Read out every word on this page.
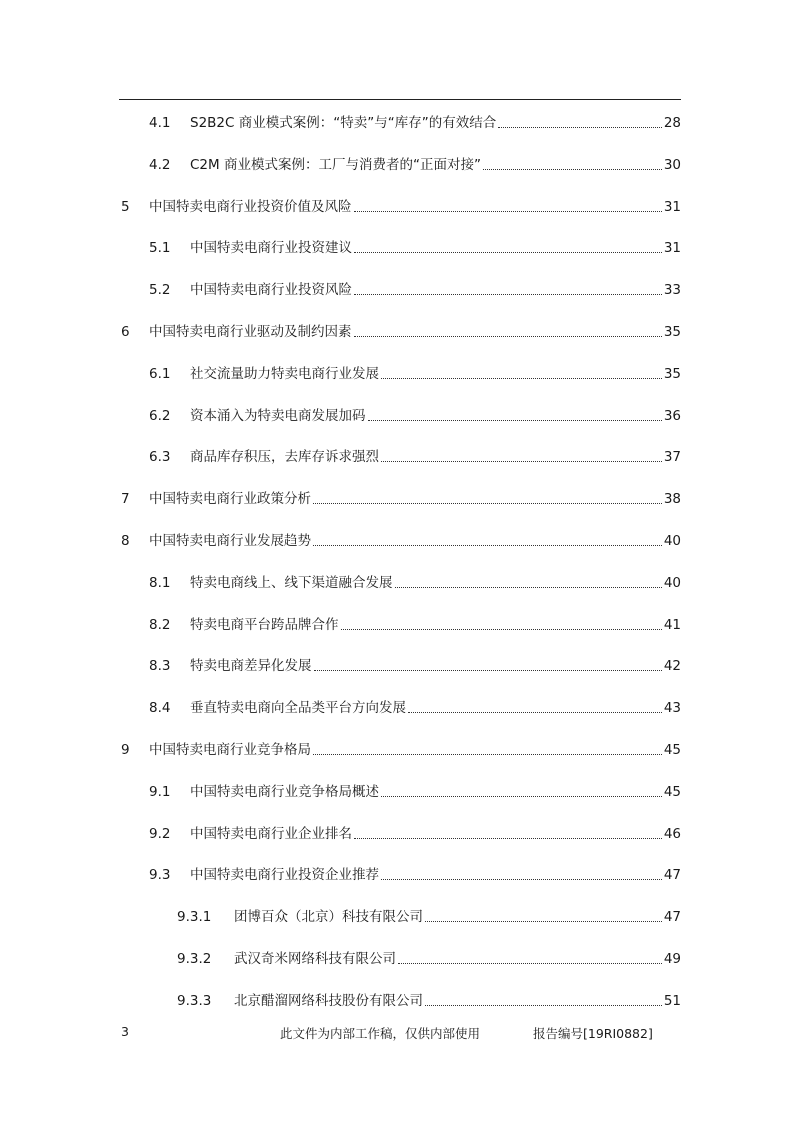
4.1	S2B2C 商业模式案例：“特卖”与“库存”的有效结合	28
4.2	C2M 商业模式案例：工厂与消费者的“正面对接”	30
5	中国特卖电商行业投资价值及风险	31
5.1	中国特卖电商行业投资建议	31
5.2	中国特卖电商行业投资风险	33
6	中国特卖电商行业驱动及制约因素	35
6.1	社交流量助力特卖电商行业发展	35
6.2	资本涌入为特卖电商发展加码	36
6.3	商品库存积压，去库存诉求强烈	37
7	中国特卖电商行业政策分析	38
8	中国特卖电商行业发展趋势	40
8.1	特卖电商线上、线下渠道融合发展	40
8.2	特卖电商平台跨品牌合作	41
8.3	特卖电商差异化发展	42
8.4	垂直特卖电商向全品类平台方向发展	43
9	中国特卖电商行业竞争格局	45
9.1	中国特卖电商行业竞争格局概述	45
9.2	中国特卖电商行业企业排名	46
9.3	中国特卖电商行业投资企业推荐	47
9.3.1	团博百众（北京）科技有限公司	47
9.3.2	武汉奇米网络科技有限公司	49
9.3.3	北京醋溜网络科技股份有限公司	51
3	此文件为内部工作稿，仅供内部使用	报告编号[19RI0882]
